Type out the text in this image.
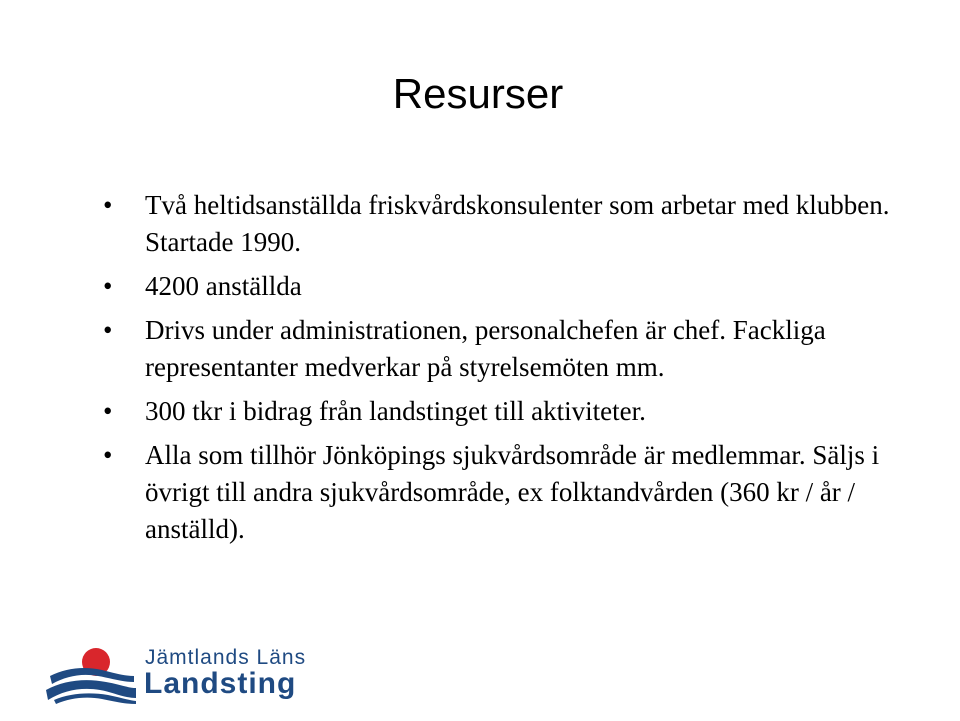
Resurser
•	Två heltidsanställda friskvårdskonsulenter som arbetar med klubben. Startade 1990.
•	4200 anställda
•	Drivs under administrationen, personalchefen är chef. Fackliga representanter medverkar på styrelsemöten mm.
•	300 tkr i bidrag från landstinget till aktiviteter.
•	Alla som tillhör Jönköpings sjukvårdsområde är medlemmar. Säljs i övrigt till andra sjukvårdsområde, ex folktandvården (360 kr / år / anställd).
Jämtlands Läns
Landsting
